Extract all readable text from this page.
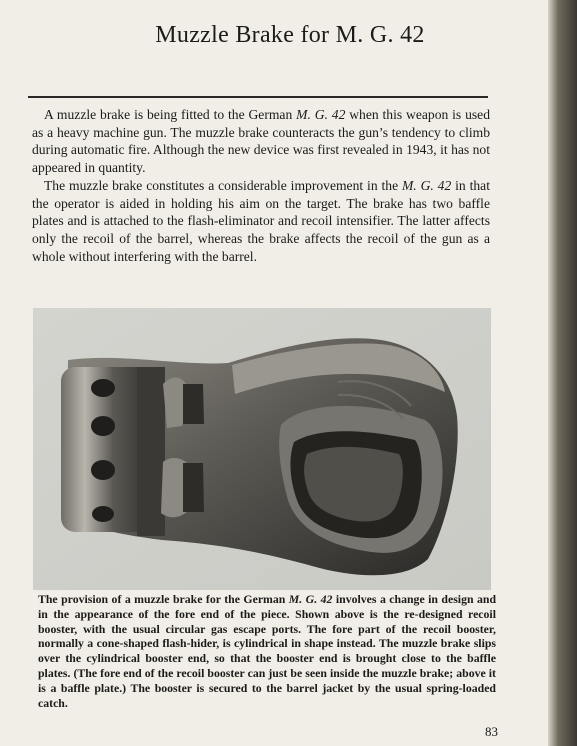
Muzzle Brake for M. G. 42

A muzzle brake is being fitted to the German M. G. 42 when this weapon is used as a heavy machine gun. The muzzle brake counteracts the gun’s tendency to climb during automatic fire. Although the new device was first revealed in 1943, it has not appeared in quantity.

The muzzle brake constitutes a considerable improvement in the M. G. 42 in that the operator is aided in holding his aim on the target. The brake has two baffle plates and is attached to the flash-eliminator and recoil intensifier. The latter affects only the recoil of the barrel, whereas the brake affects the recoil of the gun as a whole without interfering with the barrel.

The provision of a muzzle brake for the German M. G. 42 involves a change in design and in the appearance of the fore end of the piece. Shown above is the re-designed recoil booster, with the usual circular gas escape ports. The fore part of the recoil booster, normally a cone-shaped flash-hider, is cylindrical in shape instead. The muzzle brake slips over the cylindrical booster end, so that the booster end is brought close to the baffle plates. (The fore end of the recoil booster can just be seen inside the muzzle brake; above it is a baffle plate.) The booster is secured to the barrel jacket by the usual spring-loaded catch.
83
